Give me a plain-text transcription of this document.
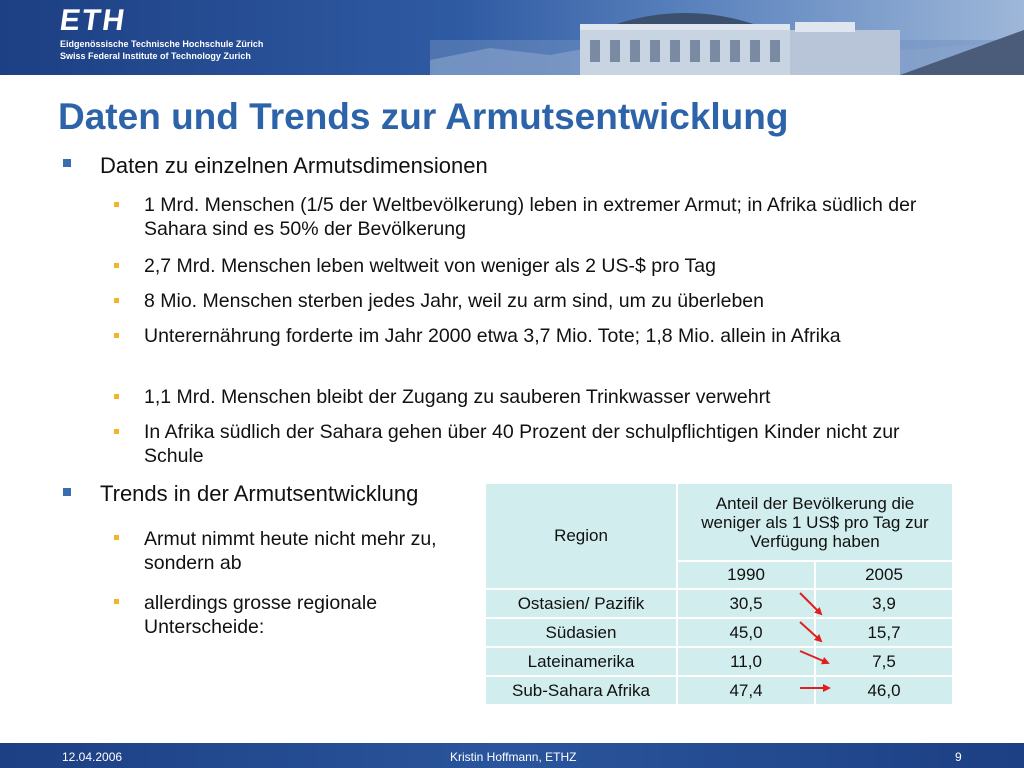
ETH
Eidgenössische Technische Hochschule Zürich
Swiss Federal Institute of Technology Zurich
Daten und Trends zur Armutsentwicklung
Daten zu einzelnen Armutsdimensionen
1 Mrd. Menschen (1/5 der Weltbevölkerung) leben in extremer Armut; in Afrika südlich der Sahara sind es 50% der Bevölkerung
2,7 Mrd. Menschen leben weltweit von weniger als 2 US-$ pro Tag
8 Mio. Menschen sterben jedes Jahr, weil zu arm sind, um zu überleben
Unterernährung forderte im Jahr 2000 etwa 3,7 Mio. Tote; 1,8 Mio. allein in Afrika
1,1 Mrd. Menschen bleibt der Zugang zu sauberen Trinkwasser verwehrt
In Afrika südlich der Sahara gehen über 40 Prozent der schulpflichtigen Kinder nicht zur Schule
Trends in der Armutsentwicklung
Armut nimmt heute nicht mehr zu, sondern ab
allerdings grosse regionale Unterscheide:
Region	Anteil der Bevölkerung die weniger als 1 US$ pro Tag zur Verfügung haben	
	1990	2005
Ostasien/ Pazifik	30,5	3,9
Südasien	45,0	15,7
Lateinamerika	11,0	7,5
Sub-Sahara Afrika	47,4	46,0
12.04.2006	Kristin Hoffmann, ETHZ	9
